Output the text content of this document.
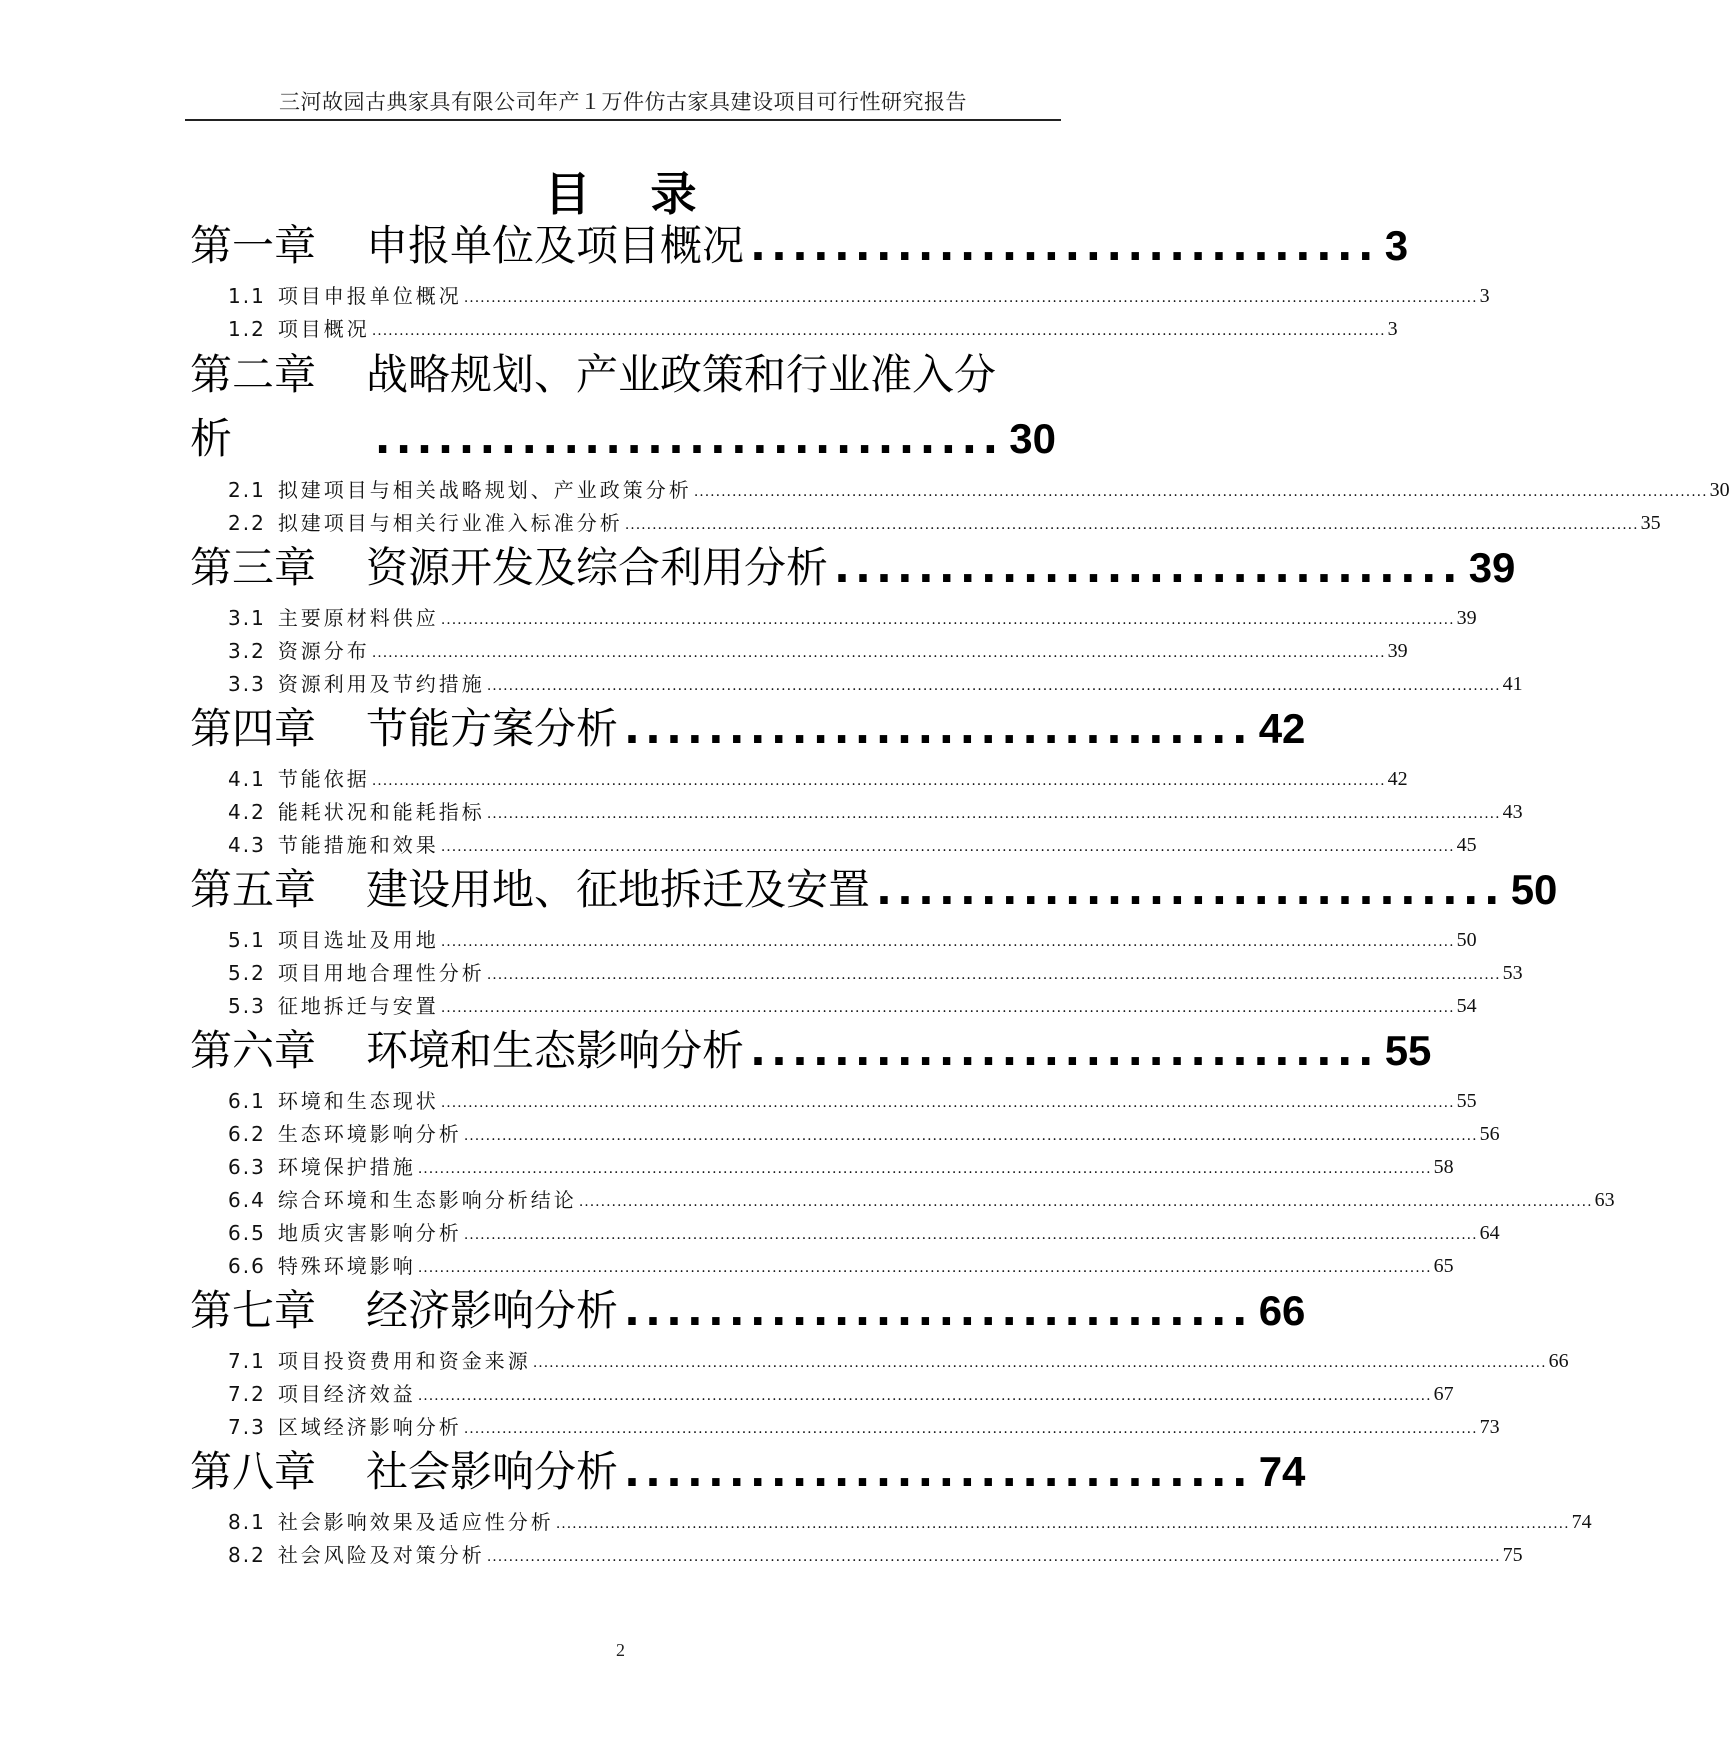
三河故园古典家具有限公司年产１万件仿古家具建设项目可行性研究报告
目录
第一章 申报单位及项目概况 .............................. 3
1.1 项目申报单位概况 .......................................................................................................................................................................................... 3
1.2 项目概况 .......................................................................................................................................................................................... 3
第二章 战略规划、产业政策和行业准入分
析	.............................. 30
2.1 拟建项目与相关战略规划、产业政策分析 .......................................................................................................................................................................................... 30
2.2 拟建项目与相关行业准入标准分析 .......................................................................................................................................................................................... 35
第三章 资源开发及综合利用分析 .............................. 39
3.1 主要原材料供应 .......................................................................................................................................................................................... 39
3.2 资源分布 .......................................................................................................................................................................................... 39
3.3 资源利用及节约措施 .......................................................................................................................................................................................... 41
第四章 节能方案分析 .............................. 42
4.1 节能依据 .......................................................................................................................................................................................... 42
4.2 能耗状况和能耗指标 .......................................................................................................................................................................................... 43
4.3 节能措施和效果 .......................................................................................................................................................................................... 45
第五章 建设用地、征地拆迁及安置 .............................. 50
5.1 项目选址及用地 .......................................................................................................................................................................................... 50
5.2 项目用地合理性分析 .......................................................................................................................................................................................... 53
5.3 征地拆迁与安置 .......................................................................................................................................................................................... 54
第六章 环境和生态影响分析 .............................. 55
6.1 环境和生态现状 .......................................................................................................................................................................................... 55
6.2 生态环境影响分析 .......................................................................................................................................................................................... 56
6.3 环境保护措施 .......................................................................................................................................................................................... 58
6.4 综合环境和生态影响分析结论 .......................................................................................................................................................................................... 63
6.5 地质灾害影响分析 .......................................................................................................................................................................................... 64
6.6 特殊环境影响 .......................................................................................................................................................................................... 65
第七章 经济影响分析 .............................. 66
7.1 项目投资费用和资金来源 .......................................................................................................................................................................................... 66
7.2 项目经济效益 .......................................................................................................................................................................................... 67
7.3 区域经济影响分析 .......................................................................................................................................................................................... 73
第八章 社会影响分析 .............................. 74
8.1 社会影响效果及适应性分析 .......................................................................................................................................................................................... 74
8.2 社会风险及对策分析 .......................................................................................................................................................................................... 75
2
